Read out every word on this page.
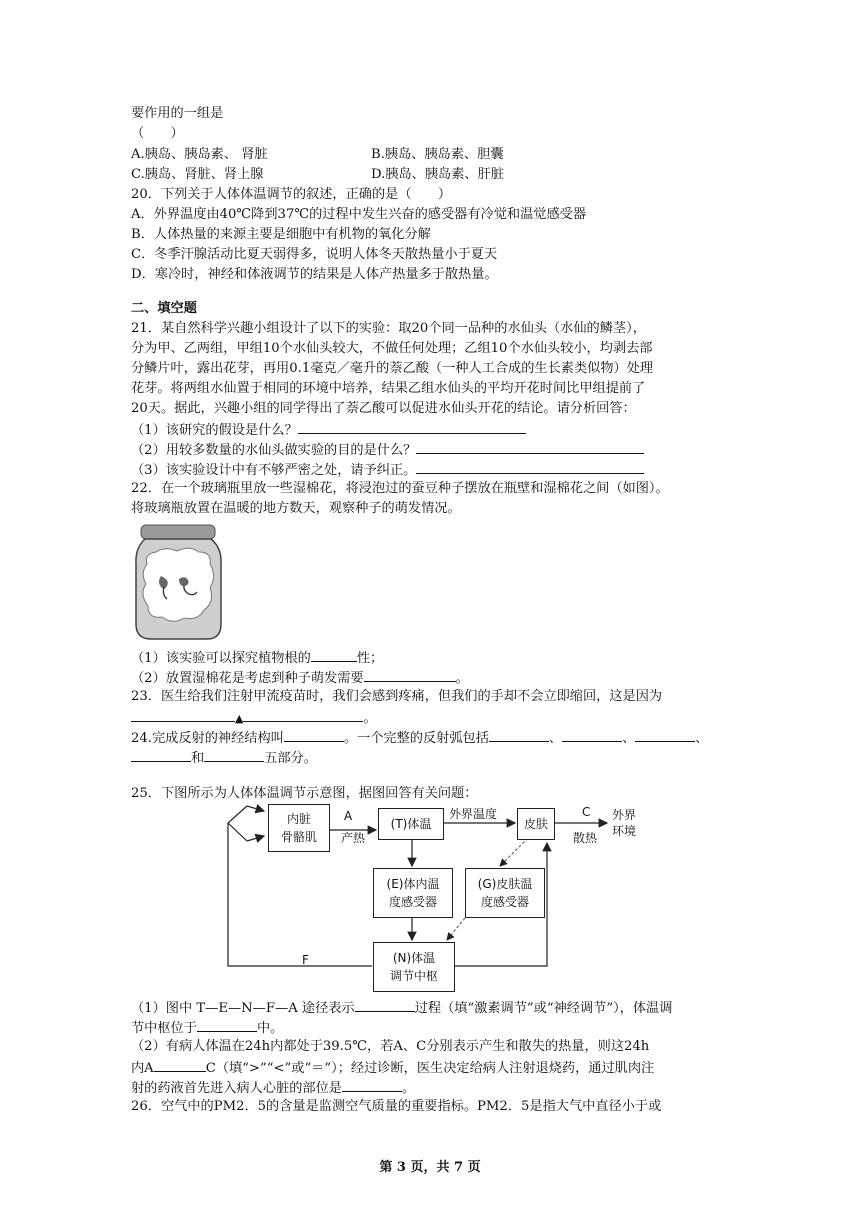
要作用的一组是
（　　）
A.胰岛、胰岛素、 肾脏	B.胰岛、胰岛素、胆囊
C.胰岛、肾脏、肾上腺	D.胰岛、胰岛素、肝脏
20．下列关于人体体温调节的叙述，正确的是（　　）
A．外界温度由40℃降到37℃的过程中发生兴奋的感受器有冷觉和温觉感受器
B．人体热量的来源主要是细胞中有机物的氧化分解
C．冬季汗腺活动比夏天弱得多，说明人体冬天散热量小于夏天
D．寒冷时，神经和体液调节的结果是人体产热量多于散热量。
二、填空题
21．某自然科学兴趣小组设计了以下的实验：取20个同一品种的水仙头（水仙的鳞茎），
分为甲、乙两组，甲组10个水仙头较大，不做任何处理；乙组10个水仙头较小，均剥去部
分鳞片叶，露出花芽，再用0.1毫克／毫升的萘乙酸（一种人工合成的生长素类似物）处理
花芽。将两组水仙置于相同的环境中培养，结果乙组水仙头的平均开花时间比甲组提前了
20天。据此，兴趣小组的同学得出了萘乙酸可以促进水仙头开花的结论。请分析回答：
（1）该研究的假设是什么？
（2）用较多数量的水仙头做实验的目的是什么？
（3）该实验设计中有不够严密之处，请予纠正。
22．在一个玻璃瓶里放一些湿棉花，将浸泡过的蚕豆种子摆放在瓶壁和湿棉花之间（如图）。
将玻璃瓶放置在温暖的地方数天，观察种子的萌发情况。
（1）该实验可以探究植物根的	性；
（2）放置湿棉花是考虑到种子萌发需要	。
23．医生给我们注射甲流疫苗时，我们会感到疼痛，但我们的手却不会立即缩回，这是因为
▲	。
24.完成反射的神经结构叫	。一个完整的反射弧包括	、	、	、
和	五部分。
25．下图所示为人体体温调节示意图，据图回答有关问题：
内脏
骨骼肌
(T)体温	皮肤
(E)体内温
度感受器
(G)皮肤温
度感受器
(N)体温
调节中枢
A
产热
外界温度	C
散热
外界
环境
F
（1）图中 T—E—N—F—A 途径表示	过程（填“激素调节”或“神经调节”），体温调
节中枢位于	中。
（2）有病人体温在24h内都处于39.5℃，若A、C分别表示产生和散失的热量，则这24h
内A	C（填“>”“<”或“＝”）；经过诊断，医生决定给病人注射退烧药，通过肌肉注
射的药液首先进入病人心脏的部位是	。
26．空气中的PM2．5的含量是监测空气质量的重要指标。PM2．5是指大气中直径小于或
第 3 页，共 7 页
